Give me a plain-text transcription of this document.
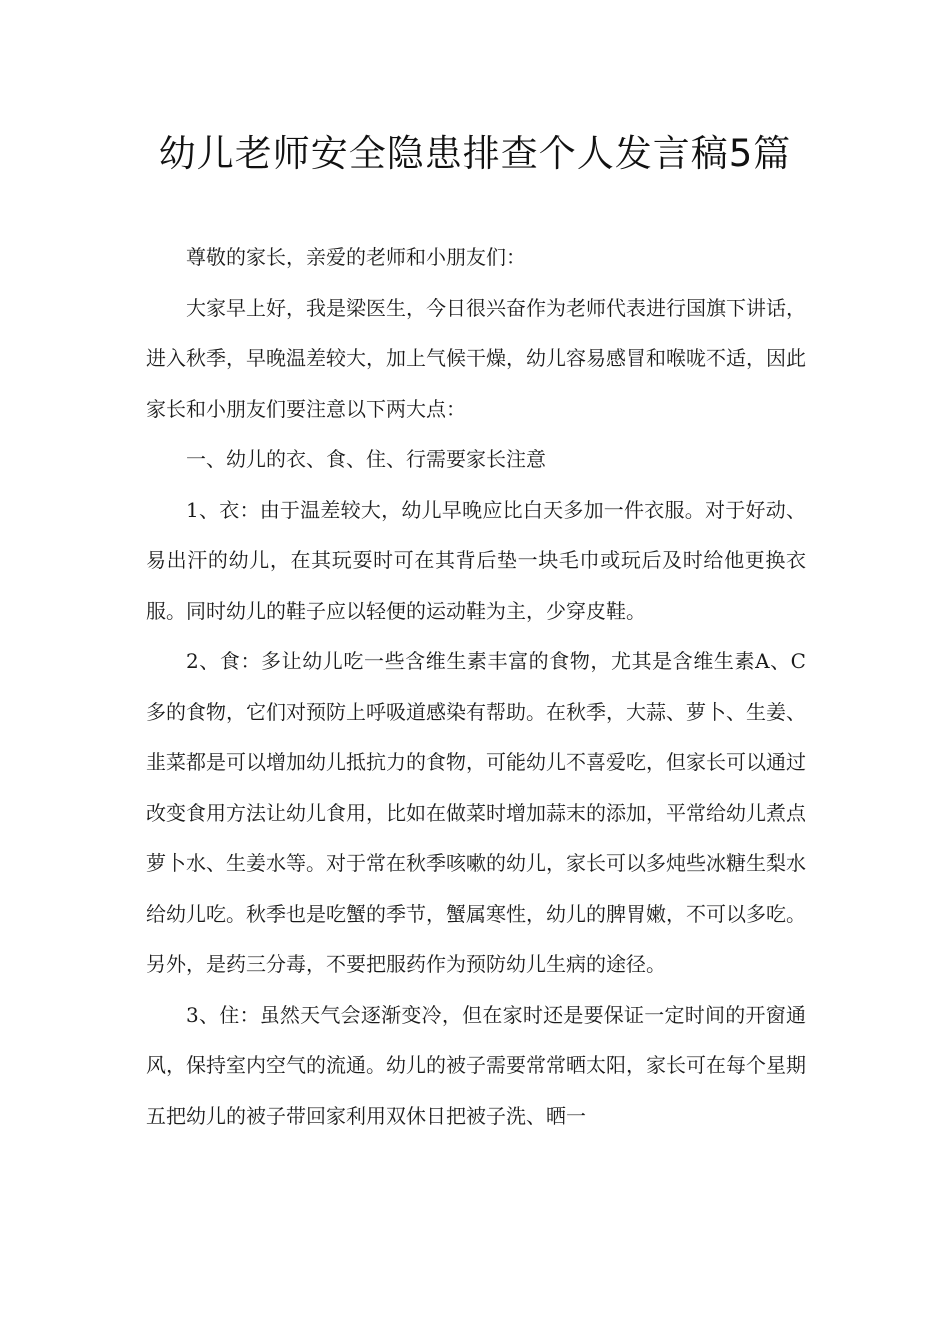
幼儿老师安全隐患排查个人发言稿5篇

尊敬的家长，亲爱的老师和小朋友们：

大家早上好，我是梁医生，今日很兴奋作为老师代表进行国旗下讲话，进入秋季，早晚温差较大，加上气候干燥，幼儿容易感冒和喉咙不适，因此家长和小朋友们要注意以下两大点：

一、幼儿的衣、食、住、行需要家长注意

1、衣：由于温差较大，幼儿早晚应比白天多加一件衣服。对于好动、易出汗的幼儿，在其玩耍时可在其背后垫一块毛巾或玩后及时给他更换衣服。同时幼儿的鞋子应以轻便的运动鞋为主，少穿皮鞋。

2、食：多让幼儿吃一些含维生素丰富的食物，尤其是含维生素A、C多的食物，它们对预防上呼吸道感染有帮助。在秋季，大蒜、萝卜、生姜、韭菜都是可以增加幼儿抵抗力的食物，可能幼儿不喜爱吃，但家长可以通过改变食用方法让幼儿食用，比如在做菜时增加蒜末的添加，平常给幼儿煮点萝卜水、生姜水等。对于常在秋季咳嗽的幼儿，家长可以多炖些冰糖生梨水给幼儿吃。秋季也是吃蟹的季节，蟹属寒性，幼儿的脾胃嫩，不可以多吃。另外，是药三分毒，不要把服药作为预防幼儿生病的途径。

3、住：虽然天气会逐渐变冷，但在家时还是要保证一定时间的开窗通风，保持室内空气的流通。幼儿的被子需要常常晒太阳，家长可在每个星期五把幼儿的被子带回家利用双休日把被子洗、晒一
